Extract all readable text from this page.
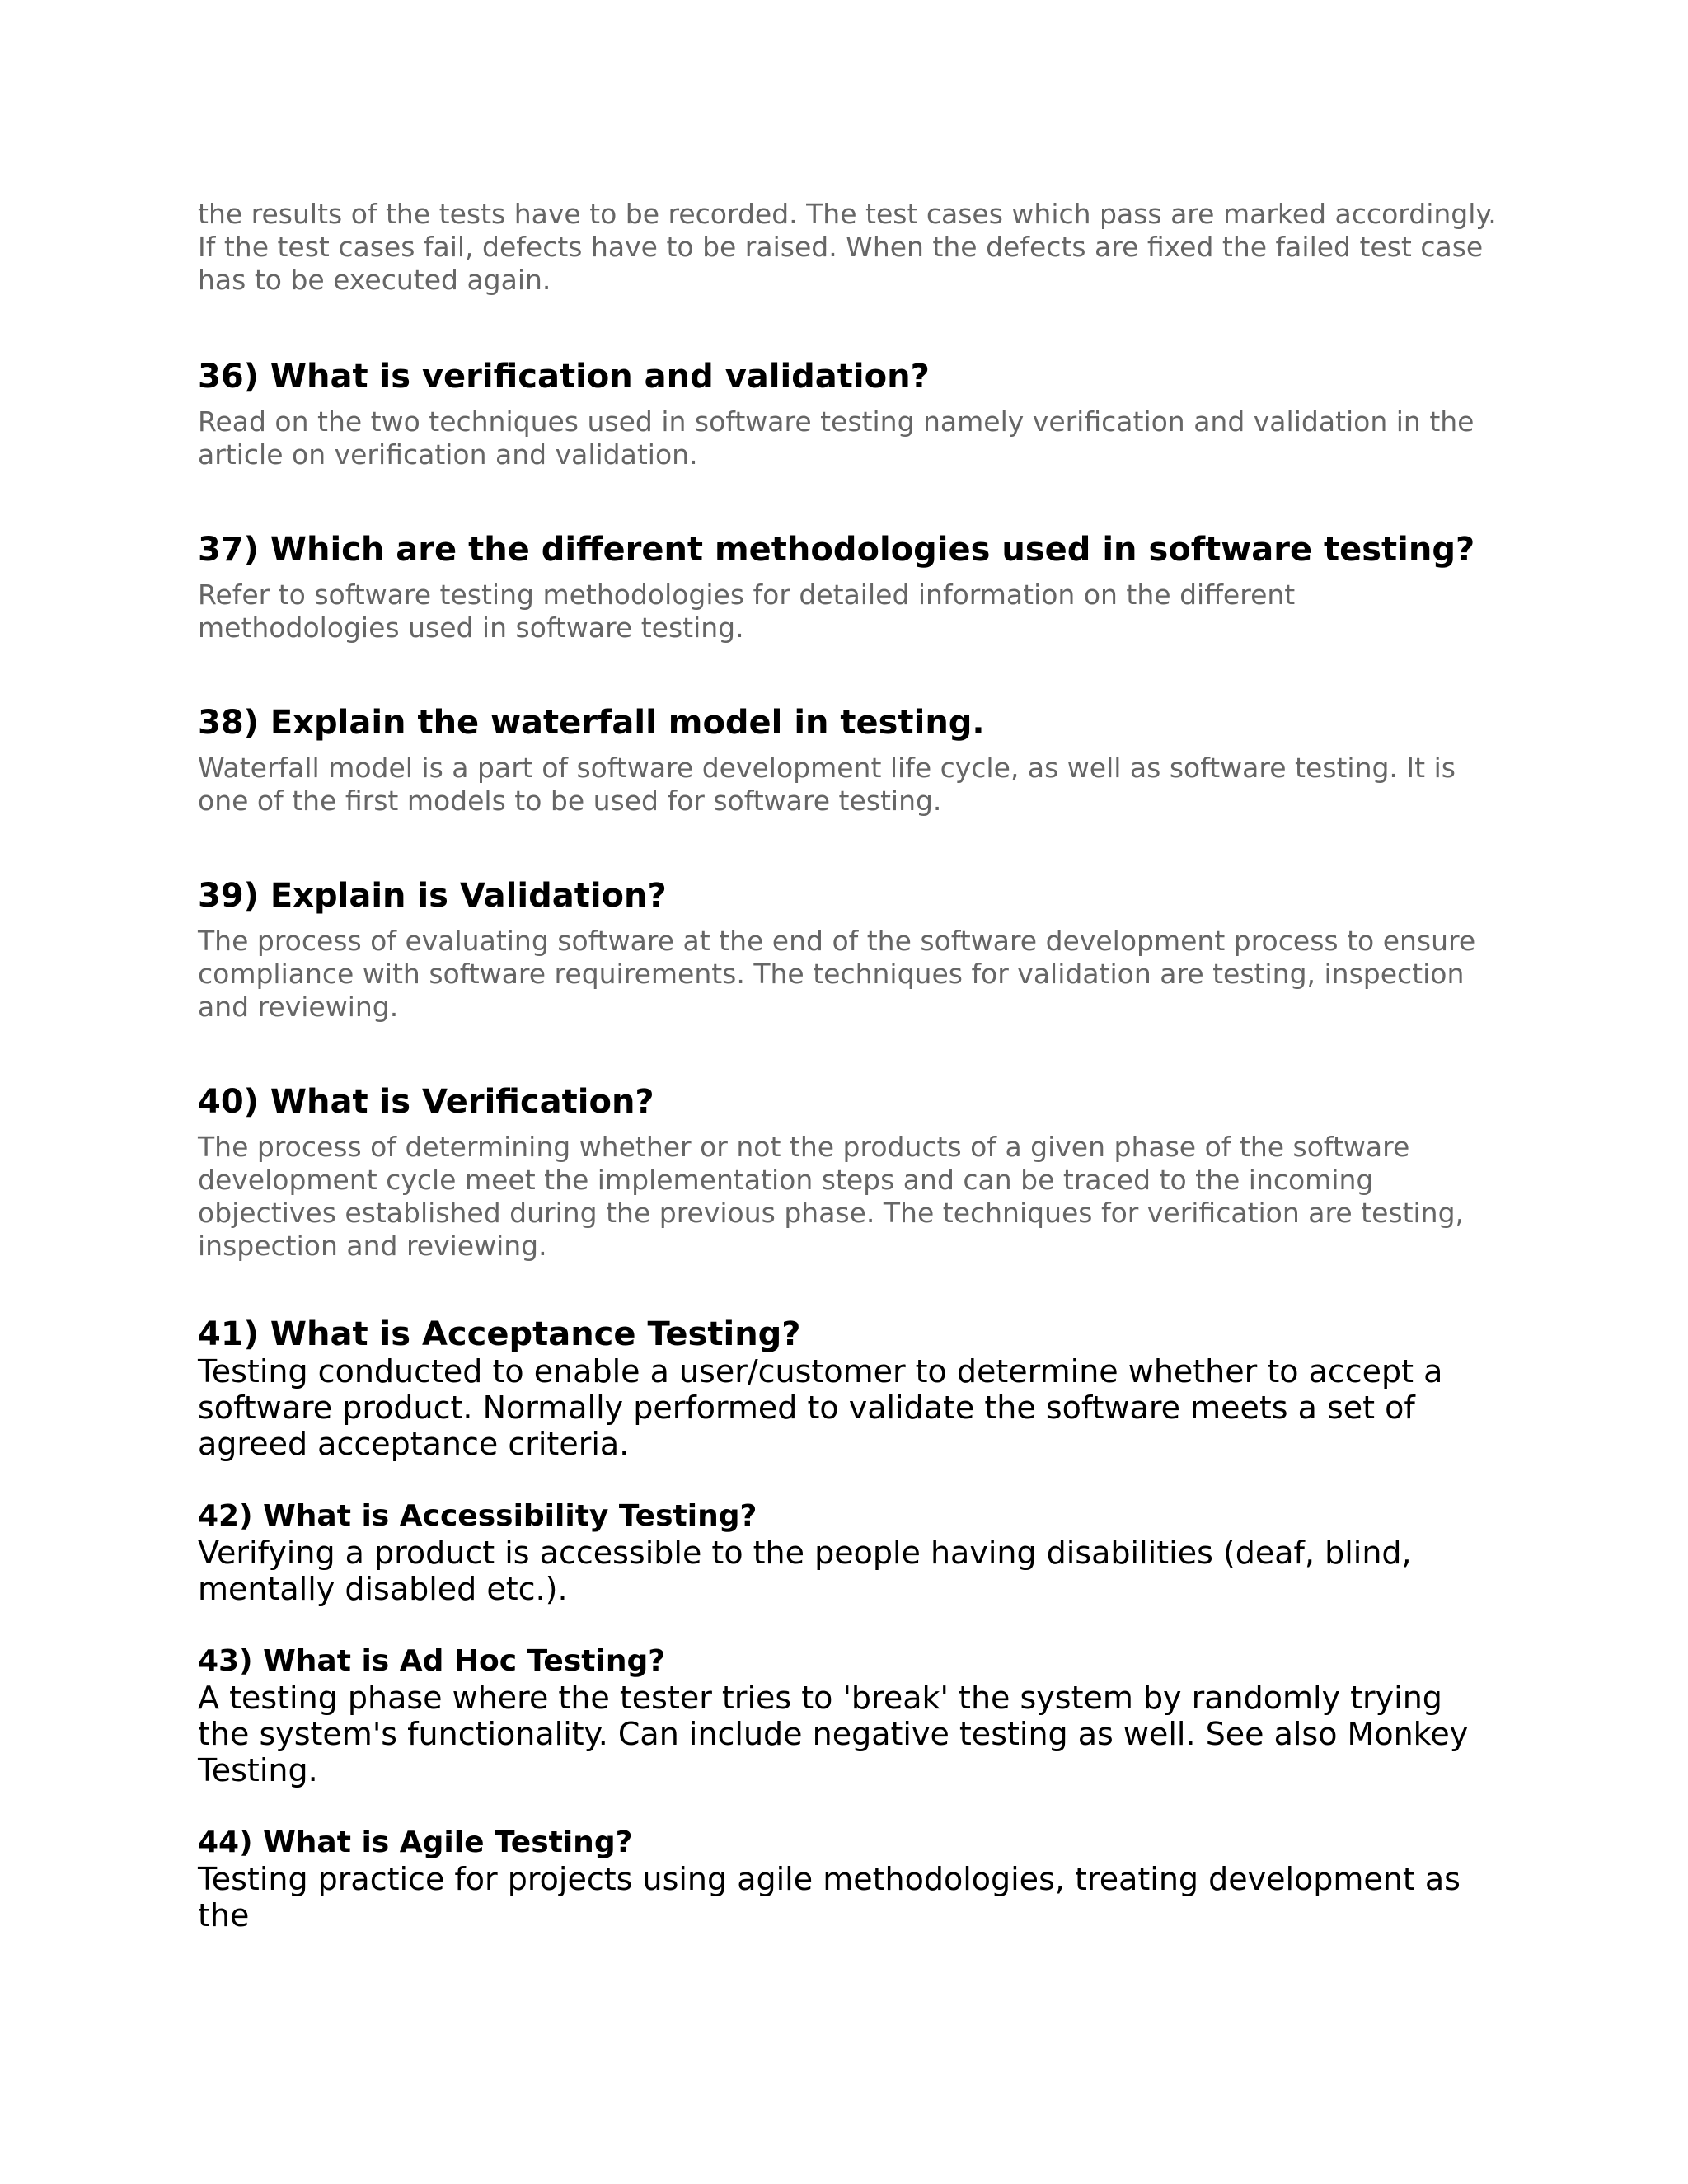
the results of the tests have to be recorded. The test cases which pass are marked accordingly. If the test cases fail, defects have to be raised. When the defects are fixed the failed test case has to be executed again.

36) What is verification and validation?

Read on the two techniques used in software testing namely verification and validation in the article on verification and validation.

37) Which are the different methodologies used in software testing?

Refer to software testing methodologies for detailed information on the different methodologies used in software testing.

38) Explain the waterfall model in testing.

Waterfall model is a part of software development life cycle, as well as software testing. It is one of the first models to be used for software testing.

39) Explain is Validation?

The process of evaluating software at the end of the software development process to ensure compliance with software requirements. The techniques for validation are testing, inspection and reviewing.

40) What is Verification?

The process of determining whether or not the products of a given phase of the software development cycle meet the implementation steps and can be traced to the incoming objectives established during the previous phase. The techniques for verification are testing, inspection and reviewing.

41) What is Acceptance Testing?

Testing conducted to enable a user/customer to determine whether to accept a software product. Normally performed to validate the software meets a set of agreed acceptance criteria.

42) What is Accessibility Testing?

Verifying a product is accessible to the people having disabilities (deaf, blind, mentally disabled etc.).

43) What is Ad Hoc Testing?

A testing phase where the tester tries to 'break' the system by randomly trying the system's functionality. Can include negative testing as well. See also Monkey Testing.

44) What is Agile Testing?

Testing practice for projects using agile methodologies, treating development as the
